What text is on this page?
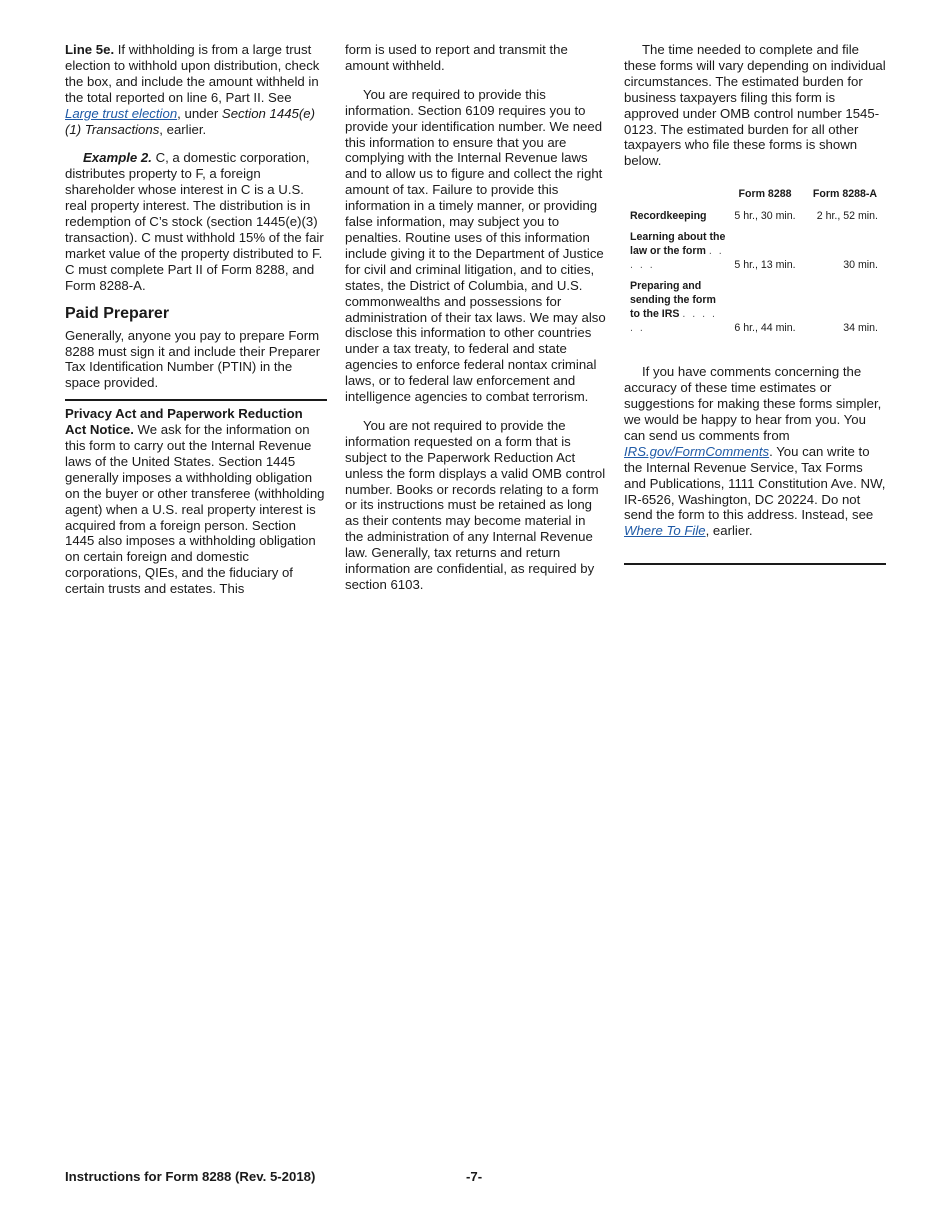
Line 5e. If withholding is from a large trust election to withhold upon distribution, check the box, and include the amount withheld in the total reported on line 6, Part II. See Large trust election, under Section 1445(e)(1) Transactions, earlier.

Example 2. C, a domestic corporation, distributes property to F, a foreign shareholder whose interest in C is a U.S. real property interest. The distribution is in redemption of C’s stock (section 1445(e)(3) transaction). C must withhold 15% of the fair market value of the property distributed to F. C must complete Part II of Form 8288, and Form 8288-A.

Paid Preparer

Generally, anyone you pay to prepare Form 8288 must sign it and include their Preparer Tax Identification Number (PTIN) in the space provided.

Privacy Act and Paperwork Reduction Act Notice. We ask for the information on this form to carry out the Internal Revenue laws of the United States. Section 1445 generally imposes a withholding obligation on the buyer or other transferee (withholding agent) when a U.S. real property interest is acquired from a foreign person. Section 1445 also imposes a withholding obligation on certain foreign and domestic corporations, QIEs, and the fiduciary of certain trusts and estates. This

form is used to report and transmit the amount withheld.

You are required to provide this information. Section 6109 requires you to provide your identification number. We need this information to ensure that you are complying with the Internal Revenue laws and to allow us to figure and collect the right amount of tax. Failure to provide this information in a timely manner, or providing false information, may subject you to penalties. Routine uses of this information include giving it to the Department of Justice for civil and criminal litigation, and to cities, states, the District of Columbia, and U.S. commonwealths and possessions for administration of their tax laws. We may also disclose this information to other countries under a tax treaty, to federal and state agencies to enforce federal nontax criminal laws, or to federal law enforcement and intelligence agencies to combat terrorism.

You are not required to provide the information requested on a form that is subject to the Paperwork Reduction Act unless the form displays a valid OMB control number. Books or records relating to a form or its instructions must be retained as long as their contents may become material in the administration of any Internal Revenue law. Generally, tax returns and return information are confidential, as required by section 6103.

The time needed to complete and file these forms will vary depending on individual circumstances. The estimated burden for business taxpayers filing this form is approved under OMB control number 1545-0123. The estimated burden for all other taxpayers who file these forms is shown below.

	Form 8288	Form 8288-A
Recordkeeping	5 hr., 30 min.	2 hr., 52 min.
Learning about the law or the form . . . . .	5 hr., 13 min.	30 min.
Preparing and sending the form to the IRS . . . . . .	6 hr., 44 min.	34 min.

If you have comments concerning the accuracy of these time estimates or suggestions for making these forms simpler, we would be happy to hear from you. You can send us comments from IRS.gov/FormComments. You can write to the Internal Revenue Service, Tax Forms and Publications, 1111 Constitution Ave. NW, IR-6526, Washington, DC 20224. Do not send the form to this address. Instead, see Where To File, earlier.

Instructions for Form 8288 (Rev. 5-2018)	-7-
